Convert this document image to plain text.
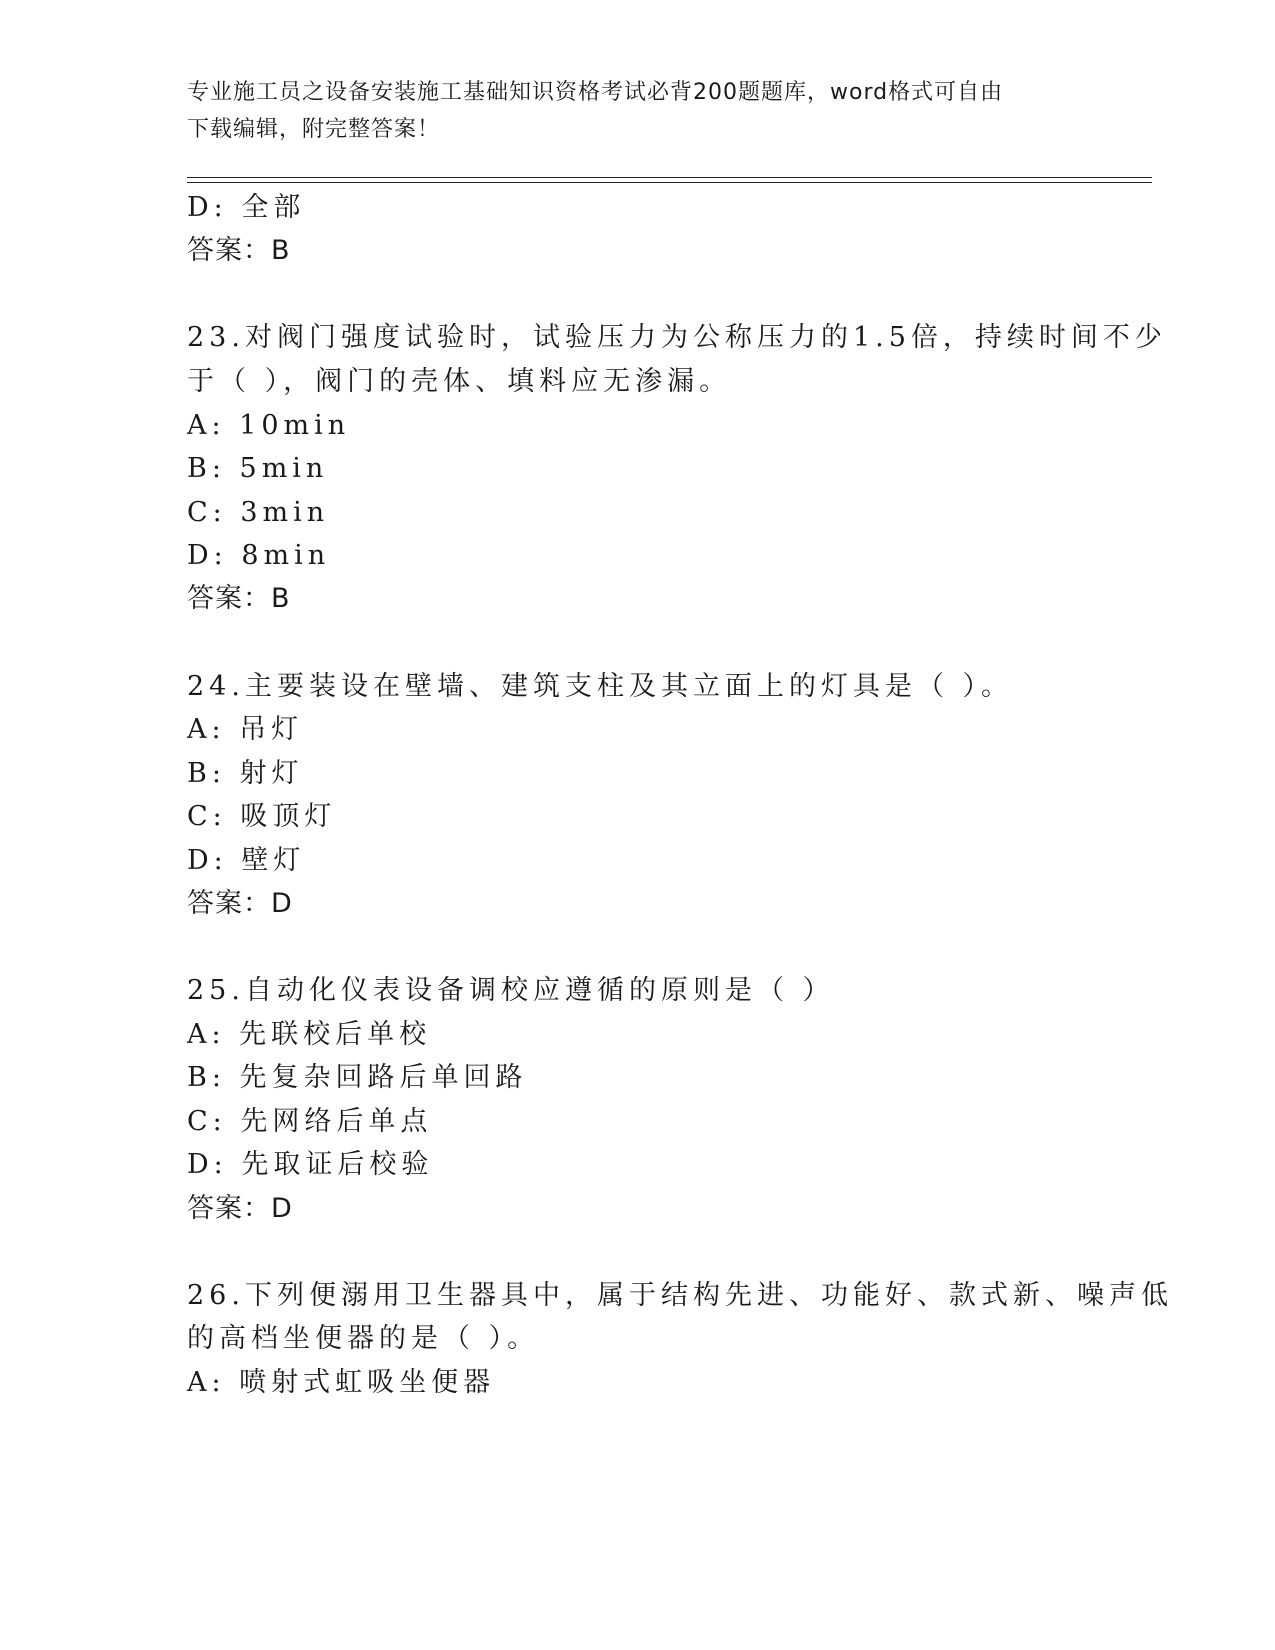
专业施工员之设备安装施工基础知识资格考试必背200题题库，word格式可自由
下载编辑，附完整答案！
D: 全部
答案：B
23.对阀门强度试验时，试验压力为公称压力的1.5倍，持续时间不少
于（ ），阀门的壳体、填料应无渗漏。
A: 10min
B: 5min
C: 3min
D: 8min
答案：B
24.主要装设在壁墙、建筑支柱及其立面上的灯具是（ ）。
A: 吊灯
B: 射灯
C: 吸顶灯
D: 壁灯
答案：D
25.自动化仪表设备调校应遵循的原则是（ ）
A: 先联校后单校
B: 先复杂回路后单回路
C: 先网络后单点
D: 先取证后校验
答案：D
26.下列便溺用卫生器具中，属于结构先进、功能好、款式新、噪声低
的高档坐便器的是（ ）。
A: 喷射式虹吸坐便器
